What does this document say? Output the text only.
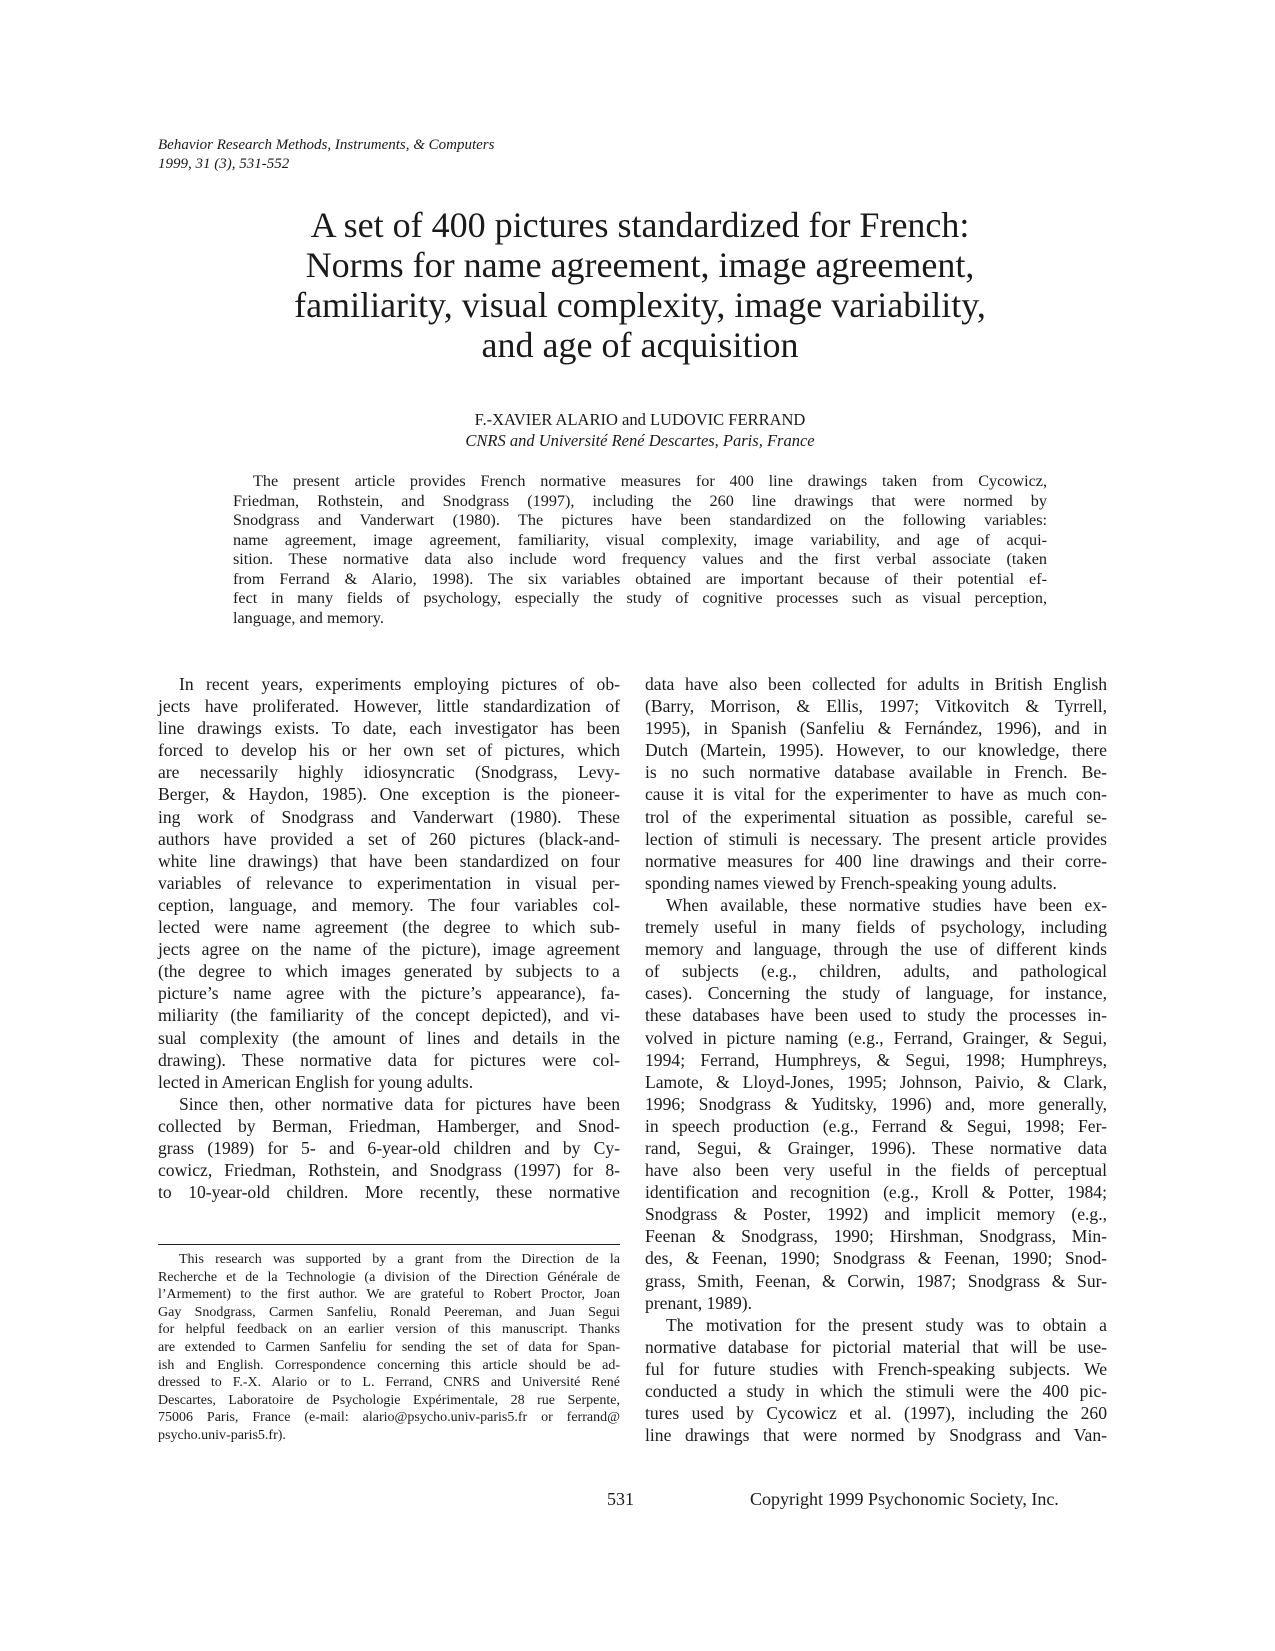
Behavior Research Methods, Instruments, & Computers
1999, 31 (3), 531-552
A set of 400 pictures standardized for French:
Norms for name agreement, image agreement,
familiarity, visual complexity, image variability,
and age of acquisition
F.-XAVIER ALARIO and LUDOVIC FERRAND
CNRS and Université René Descartes, Paris, France
The present article provides French normative measures for 400 line drawings taken from Cycowicz,
Friedman, Rothstein, and Snodgrass (1997), including the 260 line drawings that were normed by
Snodgrass and Vanderwart (1980). The pictures have been standardized on the following variables:
name agreement, image agreement, familiarity, visual complexity, image variability, and age of acqui-
sition. These normative data also include word frequency values and the first verbal associate (taken
from Ferrand & Alario, 1998). The six variables obtained are important because of their potential ef-
fect in many fields of psychology, especially the study of cognitive processes such as visual perception,
language, and memory.
In recent years, experiments employing pictures of ob-
jects have proliferated. However, little standardization of
line drawings exists. To date, each investigator has been
forced to develop his or her own set of pictures, which
are necessarily highly idiosyncratic (Snodgrass, Levy-
Berger, & Haydon, 1985). One exception is the pioneer-
ing work of Snodgrass and Vanderwart (1980). These
authors have provided a set of 260 pictures (black-and-
white line drawings) that have been standardized on four
variables of relevance to experimentation in visual per-
ception, language, and memory. The four variables col-
lected were name agreement (the degree to which sub-
jects agree on the name of the picture), image agreement
(the degree to which images generated by subjects to a
picture’s name agree with the picture’s appearance), fa-
miliarity (the familiarity of the concept depicted), and vi-
sual complexity (the amount of lines and details in the
drawing). These normative data for pictures were col-
lected in American English for young adults.
Since then, other normative data for pictures have been
collected by Berman, Friedman, Hamberger, and Snod-
grass (1989) for 5- and 6-year-old children and by Cy-
cowicz, Friedman, Rothstein, and Snodgrass (1997) for 8-
to 10-year-old children. More recently, these normative
This research was supported by a grant from the Direction de la
Recherche et de la Technologie (a division of the Direction Générale de
l’Armement) to the first author. We are grateful to Robert Proctor, Joan
Gay Snodgrass, Carmen Sanfeliu, Ronald Peereman, and Juan Segui
for helpful feedback on an earlier version of this manuscript. Thanks
are extended to Carmen Sanfeliu for sending the set of data for Span-
ish and English. Correspondence concerning this article should be ad-
dressed to F.-X. Alario or to L. Ferrand, CNRS and Université René
Descartes, Laboratoire de Psychologie Expérimentale, 28 rue Serpente,
75006 Paris, France (e-mail: alario@psycho.univ-paris5.fr or ferrand@
psycho.univ-paris5.fr).
data have also been collected for adults in British English
(Barry, Morrison, & Ellis, 1997; Vitkovitch & Tyrrell,
1995), in Spanish (Sanfeliu & Fernández, 1996), and in
Dutch (Martein, 1995). However, to our knowledge, there
is no such normative database available in French. Be-
cause it is vital for the experimenter to have as much con-
trol of the experimental situation as possible, careful se-
lection of stimuli is necessary. The present article provides
normative measures for 400 line drawings and their corre-
sponding names viewed by French-speaking young adults.
When available, these normative studies have been ex-
tremely useful in many fields of psychology, including
memory and language, through the use of different kinds
of subjects (e.g., children, adults, and pathological
cases). Concerning the study of language, for instance,
these databases have been used to study the processes in-
volved in picture naming (e.g., Ferrand, Grainger, & Segui,
1994; Ferrand, Humphreys, & Segui, 1998; Humphreys,
Lamote, & Lloyd-Jones, 1995; Johnson, Paivio, & Clark,
1996; Snodgrass & Yuditsky, 1996) and, more generally,
in speech production (e.g., Ferrand & Segui, 1998; Fer-
rand, Segui, & Grainger, 1996). These normative data
have also been very useful in the fields of perceptual
identification and recognition (e.g., Kroll & Potter, 1984;
Snodgrass & Poster, 1992) and implicit memory (e.g.,
Feenan & Snodgrass, 1990; Hirshman, Snodgrass, Min-
des, & Feenan, 1990; Snodgrass & Feenan, 1990; Snod-
grass, Smith, Feenan, & Corwin, 1987; Snodgrass & Sur-
prenant, 1989).
The motivation for the present study was to obtain a
normative database for pictorial material that will be use-
ful for future studies with French-speaking subjects. We
conducted a study in which the stimuli were the 400 pic-
tures used by Cycowicz et al. (1997), including the 260
line drawings that were normed by Snodgrass and Van-
531	Copyright 1999 Psychonomic Society, Inc.
